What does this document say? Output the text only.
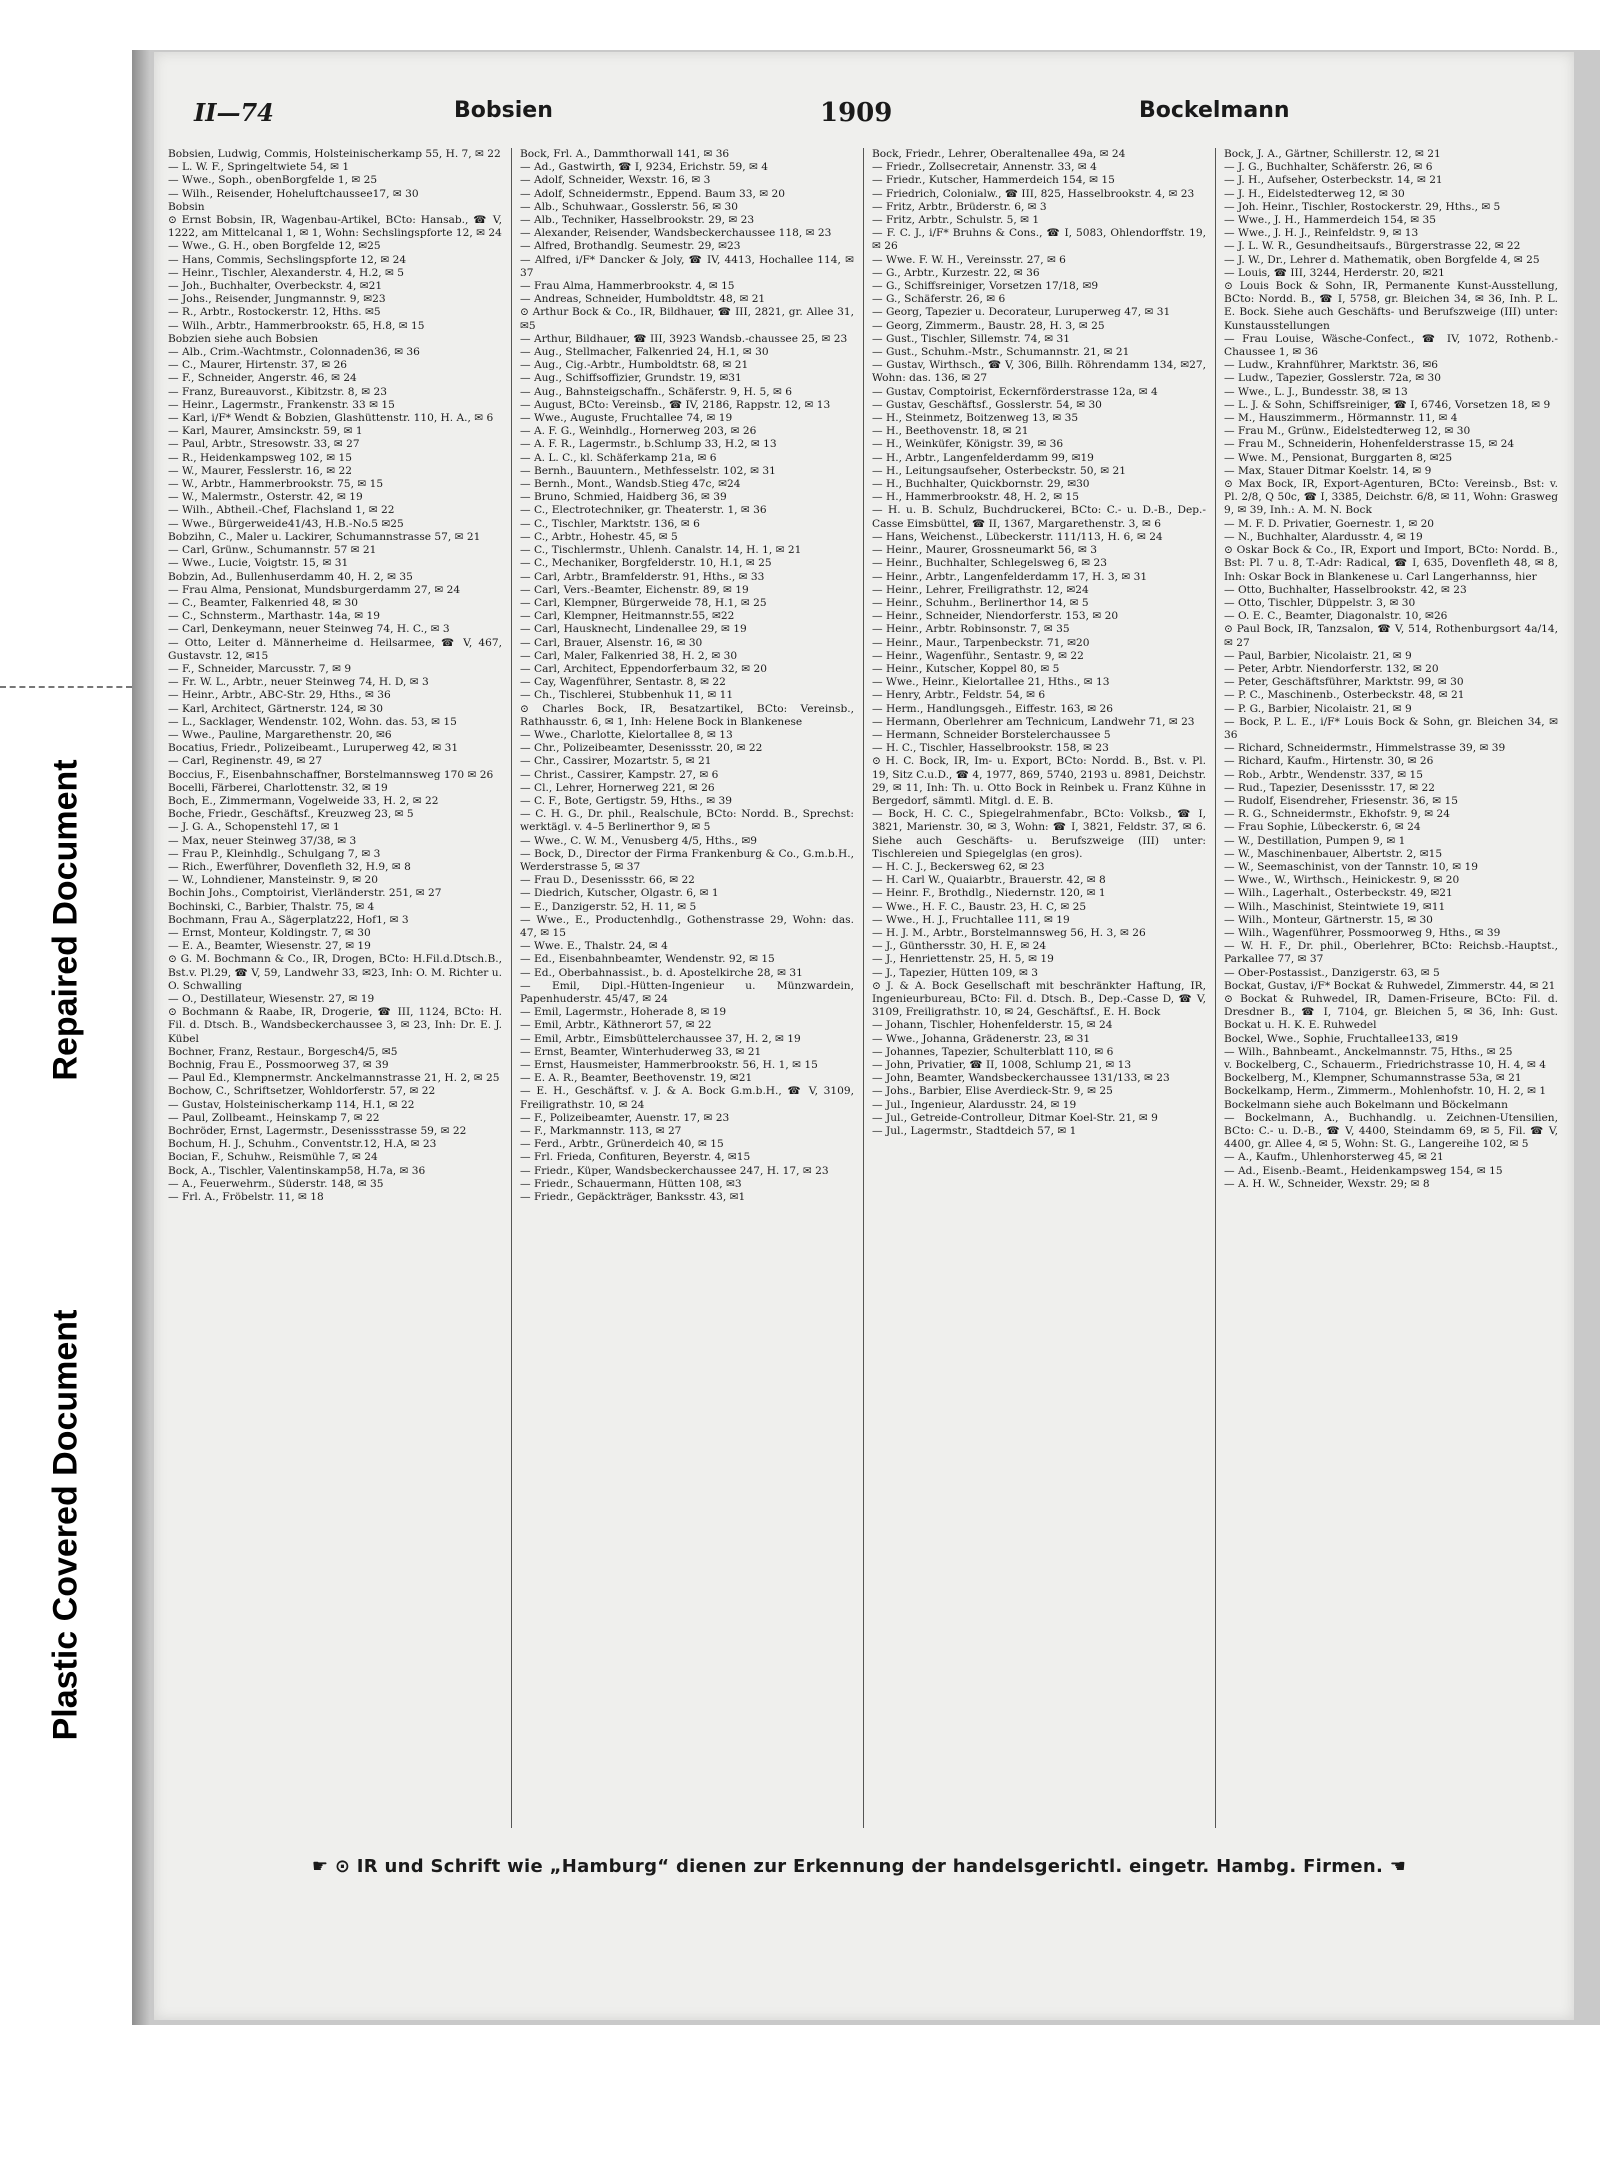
Plastic Covered Document
Repaired Document
II—74	Bobsien	1909	Bockelmann

Bobsien, Ludwig, Commis, Holsteinischerkamp 55, H. 7, ✉ 22

— L. W. F., Springeltwiete 54, ✉ 1

— Wwe., Soph., obenBorgfelde 1, ✉ 25

— Wilh., Reisender, Hoheluftchaussee17, ✉ 30

Bobsin

⊙ Ernst Bobsin, IR, Wagenbau-Artikel, BCto: Hansab., ☎ V, 1222, am Mittelcanal 1, ✉ 1, Wohn: Sechslingspforte 12, ✉ 24

— Wwe., G. H., oben Borgfelde 12, ✉25

— Hans, Commis, Sechslingspforte 12, ✉ 24

— Heinr., Tischler, Alexanderstr. 4, H.2, ✉ 5

— Joh., Buchhalter, Overbeckstr. 4, ✉21

— Johs., Reisender, Jungmannstr. 9, ✉23

— R., Arbtr., Rostockerstr. 12, Hths. ✉5

— Wilh., Arbtr., Hammerbrookstr. 65, H.8, ✉ 15

Bobzien siehe auch Bobsien

— Alb., Crim.-Wachtmstr., Colonnaden36, ✉ 36

— C., Maurer, Hirtenstr. 37, ✉ 26

— F., Schneider, Angerstr. 46, ✉ 24

— Franz, Bureauvorst., Kibitzstr. 8, ✉ 23

— Heinr., Lagermstr., Frankenstr. 33 ✉ 15

— Karl, i/F* Wendt & Bobzien, Glashüttenstr. 110, H. A., ✉ 6

— Karl, Maurer, Amsinckstr. 59, ✉ 1

— Paul, Arbtr., Stresowstr. 33, ✉ 27

— R., Heidenkampsweg 102, ✉ 15

— W., Maurer, Fesslerstr. 16, ✉ 22

— W., Arbtr., Hammerbrookstr. 75, ✉ 15

— W., Malermstr., Osterstr. 42, ✉ 19

— Wilh., Abtheil.-Chef, Flachsland 1, ✉ 22

— Wwe., Bürgerweide41/43, H.B.-No.5 ✉25

Bobzihn, C., Maler u. Lackirer, Schumannstrasse 57, ✉ 21

— Carl, Grünw., Schumannstr. 57 ✉ 21

— Wwe., Lucie, Voigtstr. 15, ✉ 31

Bobzin, Ad., Bullenhuserdamm 40, H. 2, ✉ 35

— Frau Alma, Pensionat, Mundsburgerdamm 27, ✉ 24

— C., Beamter, Falkenried 48, ✉ 30

— C., Schnsterm., Marthastr. 14a, ✉ 19

— Carl, Denkeymann, neuer Steinweg 74, H. C., ✉ 3

— Otto, Leiter d. Männerheime d. Heilsarmee, ☎ V, 467, Gustavstr. 12, ✉15

— F., Schneider, Marcusstr. 7, ✉ 9

— Fr. W. L., Arbtr., neuer Steinweg 74, H. D, ✉ 3

— Heinr., Arbtr., ABC-Str. 29, Hths., ✉ 36

— Karl, Architect, Gärtnerstr. 124, ✉ 30

— L., Sacklager, Wendenstr. 102, Wohn. das. 53, ✉ 15

— Wwe., Pauline, Margarethenstr. 20, ✉6

Bocatius, Friedr., Polizeibeamt., Luruperweg 42, ✉ 31

— Carl, Reginenstr. 49, ✉ 27

Boccius, F., Eisenbahnschaffner, Borstelmannsweg 170 ✉ 26

Bocelli, Färberei, Charlottenstr. 32, ✉ 19

Boch, E., Zimmermann, Vogelweide 33, H. 2, ✉ 22

Boche, Friedr., Geschäftsf., Kreuzweg 23, ✉ 5

— J. G. A., Schopenstehl 17, ✉ 1

— Max, neuer Steinweg 37/38, ✉ 3

— Frau P., Kleinhdlg., Schulgang 7, ✉ 3

— Rich., Ewerführer, Dovenfleth 32, H.9, ✉ 8

— W., Lohndiener, Mansteinstr. 9, ✉ 20

Bochin Johs., Comptoirist, Vierländerstr. 251, ✉ 27

Bochinski, C., Barbier, Thalstr. 75, ✉ 4

Bochmann, Frau A., Sägerplatz22, Hof1, ✉ 3

— Ernst, Monteur, Koldingstr. 7, ✉ 30

— E. A., Beamter, Wiesenstr. 27, ✉ 19

⊙ G. M. Bochmann & Co., IR, Drogen, BCto: H.Fil.d.Dtsch.B., Bst.v. Pl.29, ☎ V, 59, Landwehr 33, ✉23, Inh: O. M. Richter u. O. Schwalling

— O., Destillateur, Wiesenstr. 27, ✉ 19

⊙ Bochmann & Raabe, IR, Drogerie, ☎ III, 1124, BCto: H. Fil. d. Dtsch. B., Wandsbeckerchaussee 3, ✉ 23, Inh: Dr. E. J. Kübel

Bochner, Franz, Restaur., Borgesch4/5, ✉5

Bochnig, Frau E., Possmoorweg 37, ✉ 39

— Paul Ed., Klempnermstr. Anckelmannstrasse 21, H. 2, ✉ 25

Bochow, C., Schriftsetzer, Wohldorferstr. 57, ✉ 22

— Gustav, Holsteinischerkamp 114, H.1, ✉ 22

— Paul, Zollbeamt., Heinskamp 7, ✉ 22

Bochröder, Ernst, Lagermstr., Desenissstrasse 59, ✉ 22

Bochum, H. J., Schuhm., Conventstr.12, H.A, ✉ 23

Bocian, F., Schuhw., Reismühle 7, ✉ 24

Bock, A., Tischler, Valentinskamp58, H.7a, ✉ 36

— A., Feuerwehrm., Süderstr. 148, ✉ 35

— Frl. A., Fröbelstr. 11, ✉ 18

Bock, Frl. A., Dammthorwall 141, ✉ 36

— Ad., Gastwirth, ☎ I, 9234, Erichstr. 59, ✉ 4

— Adolf, Schneider, Wexstr. 16, ✉ 3

— Adolf, Schneidermstr., Eppend. Baum 33, ✉ 20

— Alb., Schuhwaar., Gosslerstr. 56, ✉ 30

— Alb., Techniker, Hasselbrookstr. 29, ✉ 23

— Alexander, Reisender, Wandsbeckerchaussee 118, ✉ 23

— Alfred, Brothandlg. Seumestr. 29, ✉23

— Alfred, i/F* Dancker & Joly, ☎ IV, 4413, Hochallee 114, ✉ 37

— Frau Alma, Hammerbrookstr. 4, ✉ 15

— Andreas, Schneider, Humboldtstr. 48, ✉ 21

⊙ Arthur Bock & Co., IR, Bildhauer, ☎ III, 2821, gr. Allee 31, ✉5

— Arthur, Bildhauer, ☎ III, 3923 Wandsb.-chaussee 25, ✉ 23

— Aug., Stellmacher, Falkenried 24, H.1, ✉ 30

— Aug., Cig.-Arbtr., Humboldtstr. 68, ✉ 21

— Aug., Schiffsoffizier, Grundstr. 19, ✉31

— Aug., Bahnsteigschaffn., Schäferstr. 9, H. 5, ✉ 6

— August, BCto: Vereinsb., ☎ IV, 2186, Rappstr. 12, ✉ 13

— Wwe., Auguste, Fruchtallee 74, ✉ 19

— A. F. G., Weinhdlg., Hornerweg 203, ✉ 26

— A. F. R., Lagermstr., b.Schlump 33, H.2, ✉ 13

— A. L. C., kl. Schäferkamp 21a, ✉ 6

— Bernh., Bauuntern., Methfesselstr. 102, ✉ 31

— Bernh., Mont., Wandsb.Stieg 47c, ✉24

— Bruno, Schmied, Haidberg 36, ✉ 39

— C., Electrotechniker, gr. Theaterstr. 1, ✉ 36

— C., Tischler, Marktstr. 136, ✉ 6

— C., Arbtr., Hohestr. 45, ✉ 5

— C., Tischlermstr., Uhlenh. Canalstr. 14, H. 1, ✉ 21

— C., Mechaniker, Borgfelderstr. 10, H.1, ✉ 25

— Carl, Arbtr., Bramfelderstr. 91, Hths., ✉ 33

— Carl, Vers.-Beamter, Eichenstr. 89, ✉ 19

— Carl, Klempner, Bürgerweide 78, H.1, ✉ 25

— Carl, Klempner, Heitmannstr.55, ✉22

— Carl, Hausknecht, Lindenallee 29, ✉ 19

— Carl, Brauer, Alsenstr. 16, ✉ 30

— Carl, Maler, Falkenried 38, H. 2, ✉ 30

— Carl, Architect, Eppendorferbaum 32, ✉ 20

— Cay, Wagenführer, Sentastr. 8, ✉ 22

— Ch., Tischlerei, Stubbenhuk 11, ✉ 11

⊙ Charles Bock, IR, Besatzartikel, BCto: Vereinsb., Rathhausstr. 6, ✉ 1, Inh: Helene Bock in Blankenese

— Wwe., Charlotte, Kielortallee 8, ✉ 13

— Chr., Polizeibeamter, Desenissstr. 20, ✉ 22

— Chr., Cassirer, Mozartstr. 5, ✉ 21

— Christ., Cassirer, Kampstr. 27, ✉ 6

— Cl., Lehrer, Hornerweg 221, ✉ 26

— C. F., Bote, Gertigstr. 59, Hths., ✉ 39

— C. H. G., Dr. phil., Realschule, BCto: Nordd. B., Sprechst: werktägl. v. 4–5 Berlinerthor 9, ✉ 5

— Wwe., C. W. M., Venusberg 4/5, Hths., ✉9

— Bock, D., Director der Firma Frankenburg & Co., G.m.b.H., Werderstrasse 5, ✉ 37

— Frau D., Desenissstr. 66, ✉ 22

— Diedrich, Kutscher, Olgastr. 6, ✉ 1

— E., Danzigerstr. 52, H. 11, ✉ 5

— Wwe., E., Productenhdlg., Gothenstrasse 29, Wohn: das. 47, ✉ 15

— Wwe. E., Thalstr. 24, ✉ 4

— Ed., Eisenbahnbeamter, Wendenstr. 92, ✉ 15

— Ed., Oberbahnassist., b. d. Apostelkirche 28, ✉ 31

— Emil, Dipl.-Hütten-Ingenieur u. Münzwardein, Papenhuderstr. 45/47, ✉ 24

— Emil, Lagermstr., Hoherade 8, ✉ 19

— Emil, Arbtr., Käthnerort 57, ✉ 22

— Emil, Arbtr., Eimsbüttelerchaussee 37, H. 2, ✉ 19

— Ernst, Beamter, Winterhuderweg 33, ✉ 21

— Ernst, Hausmeister, Hammerbrookstr. 56, H. 1, ✉ 15

— E. A. R., Beamter, Beethovenstr. 19, ✉21

— E. H., Geschäftsf. v. J. & A. Bock G.m.b.H., ☎ V, 3109, Freiligrathstr. 10, ✉ 24

— F., Polizeibeamter, Auenstr. 17, ✉ 23

— F., Markmannstr. 113, ✉ 27

— Ferd., Arbtr., Grünerdeich 40, ✉ 15

— Frl. Frieda, Confituren, Beyerstr. 4, ✉15

— Friedr., Küper, Wandsbeckerchaussee 247, H. 17, ✉ 23

— Friedr., Schauermann, Hütten 108, ✉3

— Friedr., Gepäckträger, Banksstr. 43, ✉1

Bock, Friedr., Lehrer, Oberaltenallee 49a, ✉ 24

— Friedr., Zollsecretair, Annenstr. 33, ✉ 4

— Friedr., Kutscher, Hammerdeich 154, ✉ 15

— Friedrich, Colonialw., ☎ III, 825, Hasselbrookstr. 4, ✉ 23

— Fritz, Arbtr., Brüderstr. 6, ✉ 3

— Fritz, Arbtr., Schulstr. 5, ✉ 1

— F. C. J., i/F* Bruhns & Cons., ☎ I, 5083, Ohlendorffstr. 19, ✉ 26

— Wwe. F. W. H., Vereinsstr. 27, ✉ 6

— G., Arbtr., Kurzestr. 22, ✉ 36

— G., Schiffsreiniger, Vorsetzen 17/18, ✉9

— G., Schäferstr. 26, ✉ 6

— Georg, Tapezier u. Decorateur, Luruperweg 47, ✉ 31

— Georg, Zimmerm., Baustr. 28, H. 3, ✉ 25

— Gust., Tischler, Sillemstr. 74, ✉ 31

— Gust., Schuhm.-Mstr., Schumannstr. 21, ✉ 21

— Gustav, Wirthsch., ☎ V, 306, Billh. Röhrendamm 134, ✉27, Wohn: das. 136, ✉ 27

— Gustav, Comptoirist, Eckernförderstrasse 12a, ✉ 4

— Gustav, Geschäftsf., Gosslerstr. 54, ✉ 30

— H., Steinmetz, Boitzenweg 13, ✉ 35

— H., Beethovenstr. 18, ✉ 21

— H., Weinküfer, Königstr. 39, ✉ 36

— H., Arbtr., Langenfelderdamm 99, ✉19

— H., Leitungsaufseher, Osterbeckstr. 50, ✉ 21

— H., Buchhalter, Quickbornstr. 29, ✉30

— H., Hammerbrookstr. 48, H. 2, ✉ 15

— H. u. B. Schulz, Buchdruckerei, BCto: C.- u. D.-B., Dep.-Casse Eimsbüttel, ☎ II, 1367, Margarethenstr. 3, ✉ 6

— Hans, Weichenst., Lübeckerstr. 111/113, H. 6, ✉ 24

— Heinr., Maurer, Grossneumarkt 56, ✉ 3

— Heinr., Buchhalter, Schlegelsweg 6, ✉ 23

— Heinr., Arbtr., Langenfelderdamm 17, H. 3, ✉ 31

— Heinr., Lehrer, Freiligrathstr. 12, ✉24

— Heinr., Schuhm., Berlinerthor 14, ✉ 5

— Heinr., Schneider, Niendorferstr. 153, ✉ 20

— Heinr., Arbtr. Robinsonstr. 7, ✉ 35

— Heinr., Maur., Tarpenbeckstr. 71, ✉20

— Heinr., Wagenführ., Sentastr. 9, ✉ 22

— Heinr., Kutscher, Koppel 80, ✉ 5

— Wwe., Heinr., Kielortallee 21, Hths., ✉ 13

— Henry, Arbtr., Feldstr. 54, ✉ 6

— Herm., Handlungsgeh., Eiffestr. 163, ✉ 26

— Hermann, Oberlehrer am Technicum, Landwehr 71, ✉ 23

— Hermann, Schneider Borstelerchaussee 5

— H. C., Tischler, Hasselbrookstr. 158, ✉ 23

⊙ H. C. Bock, IR, Im- u. Export, BCto: Nordd. B., Bst. v. Pl. 19, Sitz C.u.D., ☎ 4, 1977, 869, 5740, 2193 u. 8981, Deichstr. 29, ✉ 11, Inh: Th. u. Otto Bock in Reinbek u. Franz Kühne in Bergedorf, sämmtl. Mitgl. d. E. B.

— Bock, H. C. C., Spiegelrahmenfabr., BCto: Volksb., ☎ I, 3821, Marienstr. 30, ✉ 3, Wohn: ☎ I, 3821, Feldstr. 37, ✉ 6. Siehe auch Geschäfts- u. Berufszweige (III) unter: Tischlereien und Spiegelglas (en gros).

— H. C. J., Beckersweg 62, ✉ 23

— H. Carl W., Quaiarbtr., Brauerstr. 42, ✉ 8

— Heinr. F., Brothdlg., Niedernstr. 120, ✉ 1

— Wwe., H. F. C., Baustr. 23, H. C, ✉ 25

— Wwe., H. J., Fruchtallee 111, ✉ 19

— H. J. M., Arbtr., Borstelmannsweg 56, H. 3, ✉ 26

— J., Günthersstr. 30, H. E, ✉ 24

— J., Henriettenstr. 25, H. 5, ✉ 19

— J., Tapezier, Hütten 109, ✉ 3

⊙ J. & A. Bock Gesellschaft mit beschränkter Haftung, IR, Ingenieurbureau, BCto: Fil. d. Dtsch. B., Dep.-Casse D, ☎ V, 3109, Freiligrathstr. 10, ✉ 24, Geschäftsf., E. H. Bock

— Johann, Tischler, Hohenfelderstr. 15, ✉ 24

— Wwe., Johanna, Grädenerstr. 23, ✉ 31

— Johannes, Tapezier, Schulterblatt 110, ✉ 6

— John, Privatier, ☎ II, 1008, Schlump 21, ✉ 13

— John, Beamter, Wandsbeckerchaussee 131/133, ✉ 23

— Johs., Barbier, Elise Averdieck-Str. 9, ✉ 25

— Jul., Ingenieur, Alardusstr. 24, ✉ 19

— Jul., Getreide-Controlleur, Ditmar Koel-Str. 21, ✉ 9

— Jul., Lagermstr., Stadtdeich 57, ✉ 1

Bock, J. A., Gärtner, Schillerstr. 12, ✉ 21

— J. G., Buchhalter, Schäferstr. 26, ✉ 6

— J. H., Aufseher, Osterbeckstr. 14, ✉ 21

— J. H., Eidelstedterweg 12, ✉ 30

— Joh. Heinr., Tischler, Rostockerstr. 29, Hths., ✉ 5

— Wwe., J. H., Hammerdeich 154, ✉ 35

— Wwe., J. H. J., Reinfeldstr. 9, ✉ 13

— J. L. W. R., Gesundheitsaufs., Bürgerstrasse 22, ✉ 22

— J. W., Dr., Lehrer d. Mathematik, oben Borgfelde 4, ✉ 25

— Louis, ☎ III, 3244, Herderstr. 20, ✉21

⊙ Louis Bock & Sohn, IR, Permanente Kunst-Ausstellung, BCto: Nordd. B., ☎ I, 5758, gr. Bleichen 34, ✉ 36, Inh. P. L. E. Bock. Siehe auch Geschäfts- und Berufszweige (III) unter: Kunstausstellungen

— Frau Louise, Wäsche-Confect., ☎ IV, 1072, Rothenb.-Chaussee 1, ✉ 36

— Ludw., Krahnführer, Marktstr. 36, ✉6

— Ludw., Tapezier, Gosslerstr. 72a, ✉ 30

— Wwe., L. J., Bundesstr. 38, ✉ 13

— L. J. & Sohn, Schiffsreiniger, ☎ I, 6746, Vorsetzen 18, ✉ 9

— M., Hauszimmerm., Hörmannstr. 11, ✉ 4

— Frau M., Grünw., Eidelstedterweg 12, ✉ 30

— Frau M., Schneiderin, Hohenfelderstrasse 15, ✉ 24

— Wwe. M., Pensionat, Burggarten 8, ✉25

— Max, Stauer Ditmar Koelstr. 14, ✉ 9

⊙ Max Bock, IR, Export-Agenturen, BCto: Vereinsb., Bst: v. Pl. 2/8, Q 50c, ☎ I, 3385, Deichstr. 6/8, ✉ 11, Wohn: Grasweg 9, ✉ 39, Inh.: A. M. N. Bock

— M. F. D. Privatier, Goernestr. 1, ✉ 20

— N., Buchhalter, Alardusstr. 4, ✉ 19

⊙ Oskar Bock & Co., IR, Export und Import, BCto: Nordd. B., Bst: Pl. 7 u. 8, T.-Adr: Radical, ☎ I, 635, Dovenfleth 48, ✉ 8, Inh: Oskar Bock in Blankenese u. Carl Langerhannss, hier

— Otto, Buchhalter, Hasselbrookstr. 42, ✉ 23

— Otto, Tischler, Düppelstr. 3, ✉ 30

— O. E. C., Beamter, Diagonalstr. 10, ✉26

⊙ Paul Bock, IR, Tanzsalon, ☎ V, 514, Rothenburgsort 4a/14, ✉ 27

— Paul, Barbier, Nicolaistr. 21, ✉ 9

— Peter, Arbtr. Niendorferstr. 132, ✉ 20

— Peter, Geschäftsführer, Marktstr. 99, ✉ 30

— P. C., Maschinenb., Osterbeckstr. 48, ✉ 21

— P. G., Barbier, Nicolaistr. 21, ✉ 9

— Bock, P. L. E., i/F* Louis Bock & Sohn, gr. Bleichen 34, ✉ 36

— Richard, Schneidermstr., Himmelstrasse 39, ✉ 39

— Richard, Kaufm., Hirtenstr. 30, ✉ 26

— Rob., Arbtr., Wendenstr. 337, ✉ 15

— Rud., Tapezier, Desenissstr. 17, ✉ 22

— Rudolf, Eisendreher, Friesenstr. 36, ✉ 15

— R. G., Schneidermstr., Ekhofstr. 9, ✉ 24

— Frau Sophie, Lübeckerstr. 6, ✉ 24

— W., Destillation, Pumpen 9, ✉ 1

— W., Maschinenbauer, Albertstr. 2, ✉15

— W., Seemaschinist, von der Tannstr. 10, ✉ 19

— Wwe., W., Wirthsch., Heinickestr. 9, ✉ 20

— Wilh., Lagerhalt., Osterbeckstr. 49, ✉21

— Wilh., Maschinist, Steintwiete 19, ✉11

— Wilh., Monteur, Gärtnerstr. 15, ✉ 30

— Wilh., Wagenführer, Possmoorweg 9, Hths., ✉ 39

— W. H. F., Dr. phil., Oberlehrer, BCto: Reichsb.-Hauptst., Parkallee 77, ✉ 37

— Ober-Postassist., Danzigerstr. 63, ✉ 5

Bockat, Gustav, i/F* Bockat & Ruhwedel, Zimmerstr. 44, ✉ 21

⊙ Bockat & Ruhwedel, IR, Damen-Friseure, BCto: Fil. d. Dresdner B., ☎ I, 7104, gr. Bleichen 5, ✉ 36, Inh: Gust. Bockat u. H. K. E. Ruhwedel

Bockel, Wwe., Sophie, Fruchtallee133, ✉19

— Wilh., Bahnbeamt., Anckelmannstr. 75, Hths., ✉ 25

v. Bockelberg, C., Schauerm., Friedrichstrasse 10, H. 4, ✉ 4

Bockelberg, M., Klempner, Schumannstrasse 53a, ✉ 21

Bockelkamp, Herm., Zimmerm., Mohlenhofstr. 10, H. 2, ✉ 1

Bockelmann siehe auch Bokelmann und Böckelmann

— Bockelmann, A., Buchhandlg. u. Zeichnen-Utensilien, BCto: C.- u. D.-B., ☎ V, 4400, Steindamm 69, ✉ 5, Fil. ☎ V, 4400, gr. Allee 4, ✉ 5, Wohn: St. G., Langereihe 102, ✉ 5

— A., Kaufm., Uhlenhorsterweg 45, ✉ 21

— Ad., Eisenb.-Beamt., Heidenkampsweg 154, ✉ 15

— A. H. W., Schneider, Wexstr. 29; ✉ 8

☛ ⊙ IR und Schrift wie „Hamburg“ dienen zur Erkennung der handelsgerichtl. eingetr. Hambg. Firmen. ☚
